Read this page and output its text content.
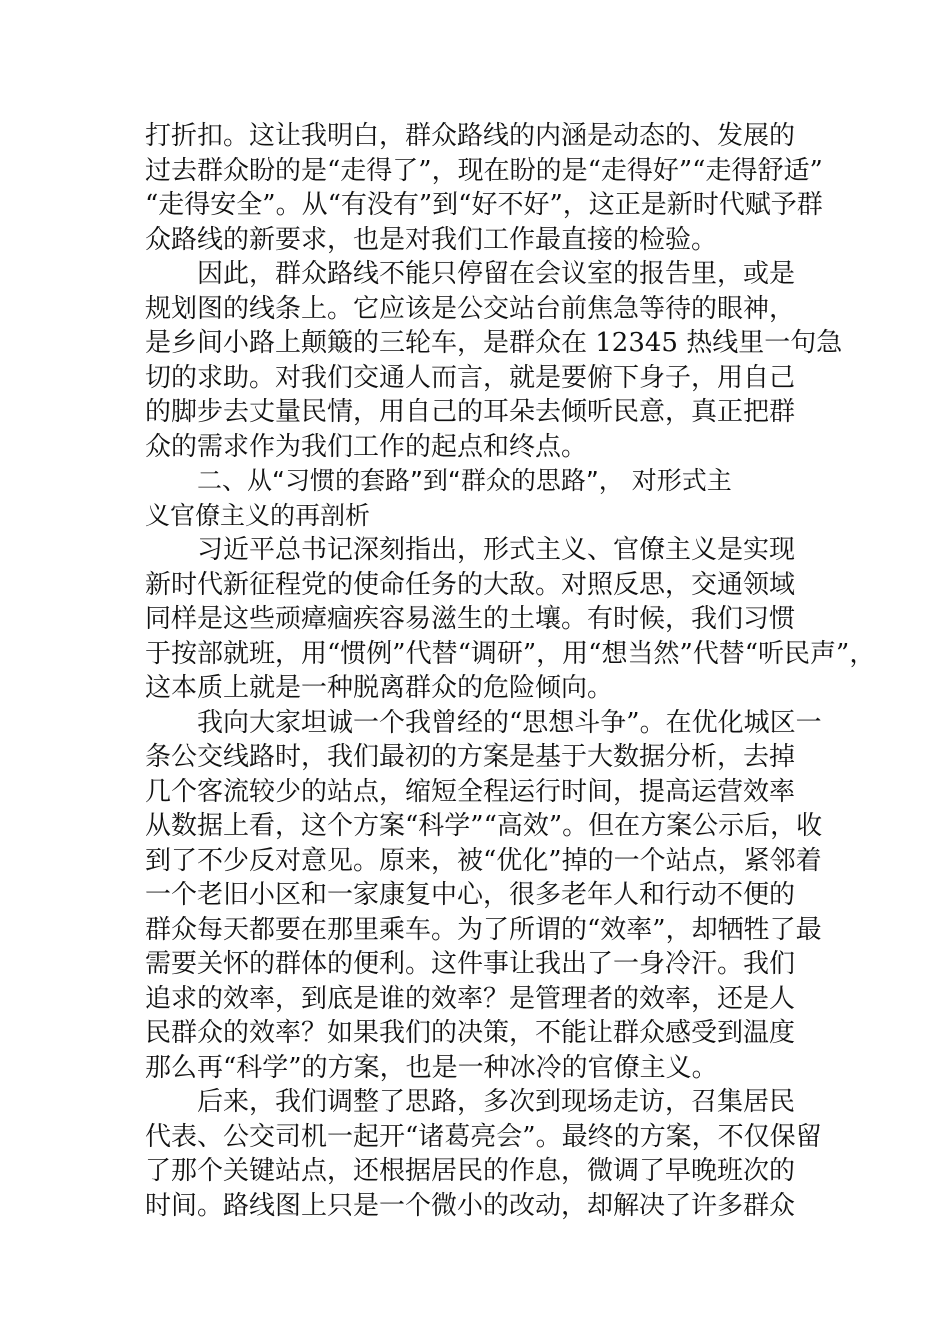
打折扣。这让我明白，群众路线的内涵是动态的、发展的
过去群众盼的是“走得了”，现在盼的是“走得好”“走得舒适”
“走得安全”。从“有没有”到“好不好”，这正是新时代赋予群
众路线的新要求，也是对我们工作最直接的检验。
因此，群众路线不能只停留在会议室的报告里，或是
规划图的线条上。它应该是公交站台前焦急等待的眼神，
是乡间小路上颠簸的三轮车，是群众在 12345 热线里一句急
切的求助。对我们交通人而言，就是要俯下身子，用自己
的脚步去丈量民情，用自己的耳朵去倾听民意，真正把群
众的需求作为我们工作的起点和终点。
二、从“习惯的套路”到“群众的思路”， 对形式主
义官僚主义的再剖析
习近平总书记深刻指出，形式主义、官僚主义是实现
新时代新征程党的使命任务的大敌。对照反思，交通领域
同样是这些顽瘴痼疾容易滋生的土壤。有时候，我们习惯
于按部就班，用“惯例”代替“调研”，用“想当然”代替“听民声”，
这本质上就是一种脱离群众的危险倾向。
我向大家坦诚一个我曾经的“思想斗争”。在优化城区一
条公交线路时，我们最初的方案是基于大数据分析，去掉
几个客流较少的站点，缩短全程运行时间，提高运营效率
从数据上看，这个方案“科学”“高效”。但在方案公示后，收
到了不少反对意见。原来，被“优化”掉的一个站点，紧邻着
一个老旧小区和一家康复中心，很多老年人和行动不便的
群众每天都要在那里乘车。为了所谓的“效率”，却牺牲了最
需要关怀的群体的便利。这件事让我出了一身冷汗。我们
追求的效率，到底是谁的效率？是管理者的效率，还是人
民群众的效率？如果我们的决策，不能让群众感受到温度
那么再“科学”的方案，也是一种冰冷的官僚主义。
后来，我们调整了思路，多次到现场走访，召集居民
代表、公交司机一起开“诸葛亮会”。最终的方案，不仅保留
了那个关键站点，还根据居民的作息，微调了早晚班次的
时间。路线图上只是一个微小的改动，却解决了许多群众
